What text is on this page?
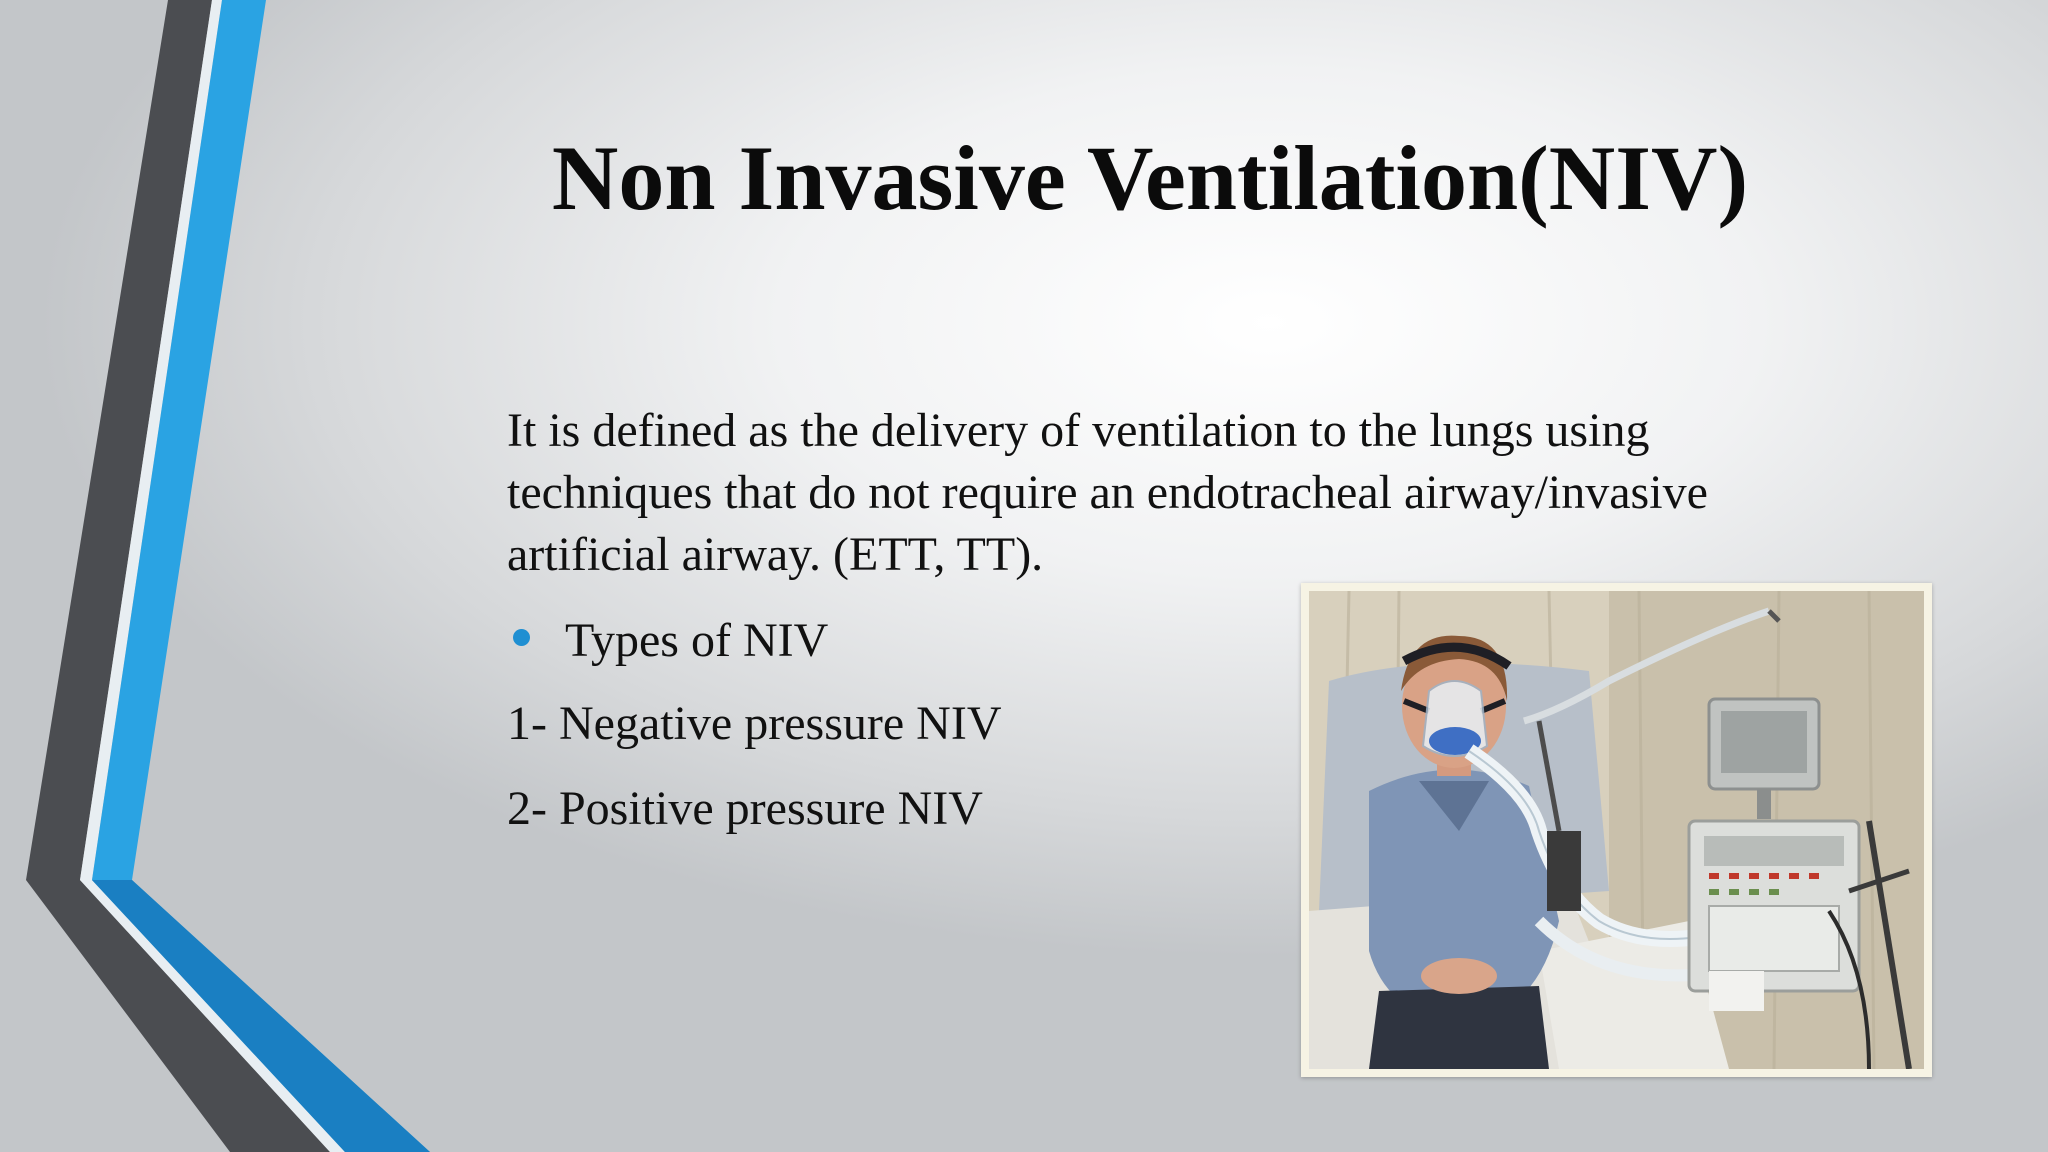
Non Invasive Ventilation(NIV)

It is defined as the delivery of ventilation to the lungs using techniques that do not require an endotracheal airway/invasive artificial airway. (ETT, TT).

Types of NIV
1- Negative pressure NIV
2- Positive pressure NIV
